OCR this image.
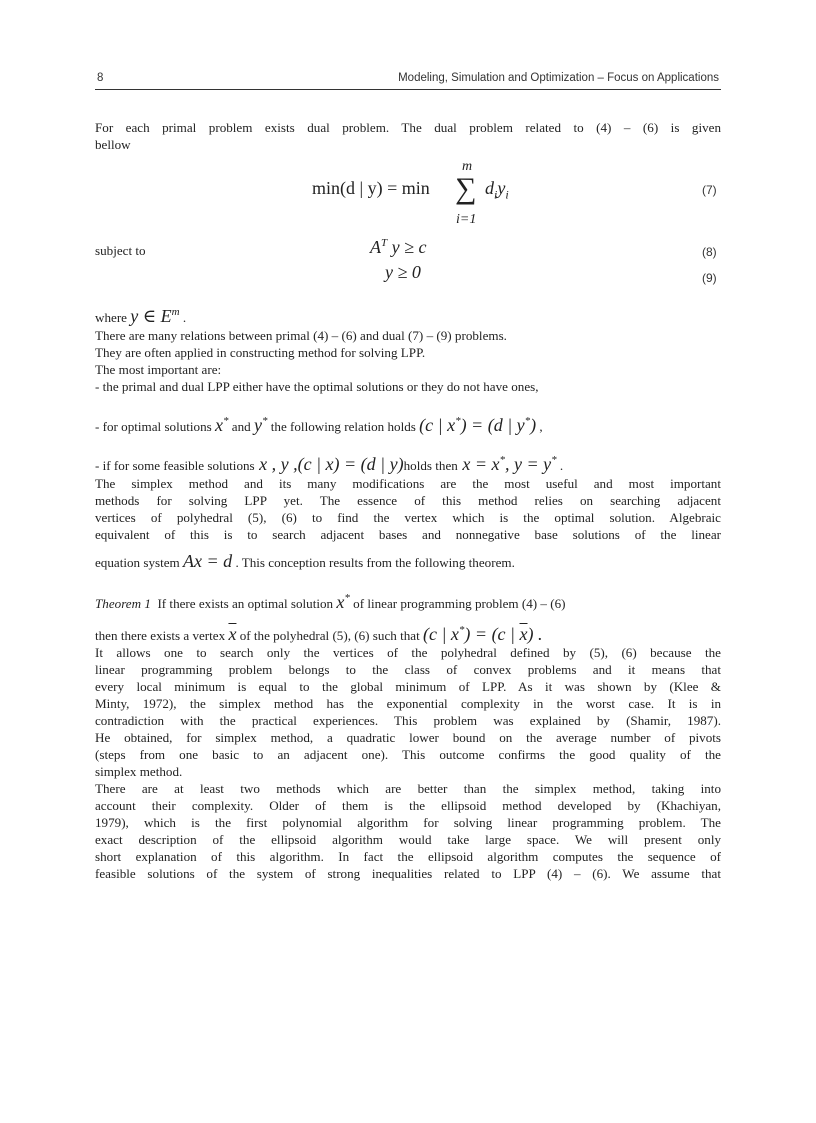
8	Modeling, Simulation and Optimization – Focus on Applications
For each primal problem exists dual problem. The dual problem related to (4) – (6) is given
bellow
min(d | y) = min
m
∑
i=1
$d_iy_i$	(7)
subject to	$A^T$ y ≥ c	(8)
y ≥ 0	(9)
where y ∈ $E^m$ .
There are many relations between primal (4) – (6) and dual (7) – (9) problems.
They are often applied in constructing method for solving LPP.
The most important are:
- the primal and dual LPP either have the optimal solutions or they do not have ones,
- for optimal solutions x* and y* the following relation holds (c | x*) = (d | y*) ,
- if for some feasible solutions x , y ,(c | x) = (d | y)holds then x = x*, y = y* .
The simplex method and its many modifications are the most useful and most important
methods for solving LPP yet. The essence of this method relies on searching adjacent
vertices of polyhedral (5), (6) to find the vertex which is the optimal solution. Algebraic
equivalent of this is to search adjacent bases and nonnegative base solutions of the linear
equation system Ax = d . This conception results from the following theorem.
Theorem 1 If there exists an optimal solution x* of linear programming problem (4) – (6)
then there exists a vertex $\overline{x}$ of the polyhedral (5), (6) such that (c | x*) = (c | $\overline{x}$) .
It allows one to search only the vertices of the polyhedral defined by (5), (6) because the
linear programming problem belongs to the class of convex problems and it means that
every local minimum is equal to the global minimum of LPP. As it was shown by (Klee &
Minty, 1972), the simplex method has the exponential complexity in the worst case. It is in
contradiction with the practical experiences. This problem was explained by (Shamir, 1987).
He obtained, for simplex method, a quadratic lower bound on the average number of pivots
(steps from one basic to an adjacent one). This outcome confirms the good quality of the
simplex method.
There are at least two methods which are better than the simplex method, taking into
account their complexity. Older of them is the ellipsoid method developed by (Khachiyan,
1979), which is the first polynomial algorithm for solving linear programming problem. The
exact description of the ellipsoid algorithm would take large space. We will present only
short explanation of this algorithm. In fact the ellipsoid algorithm computes the sequence of
feasible solutions of the system of strong inequalities related to LPP (4) – (6). We assume that
